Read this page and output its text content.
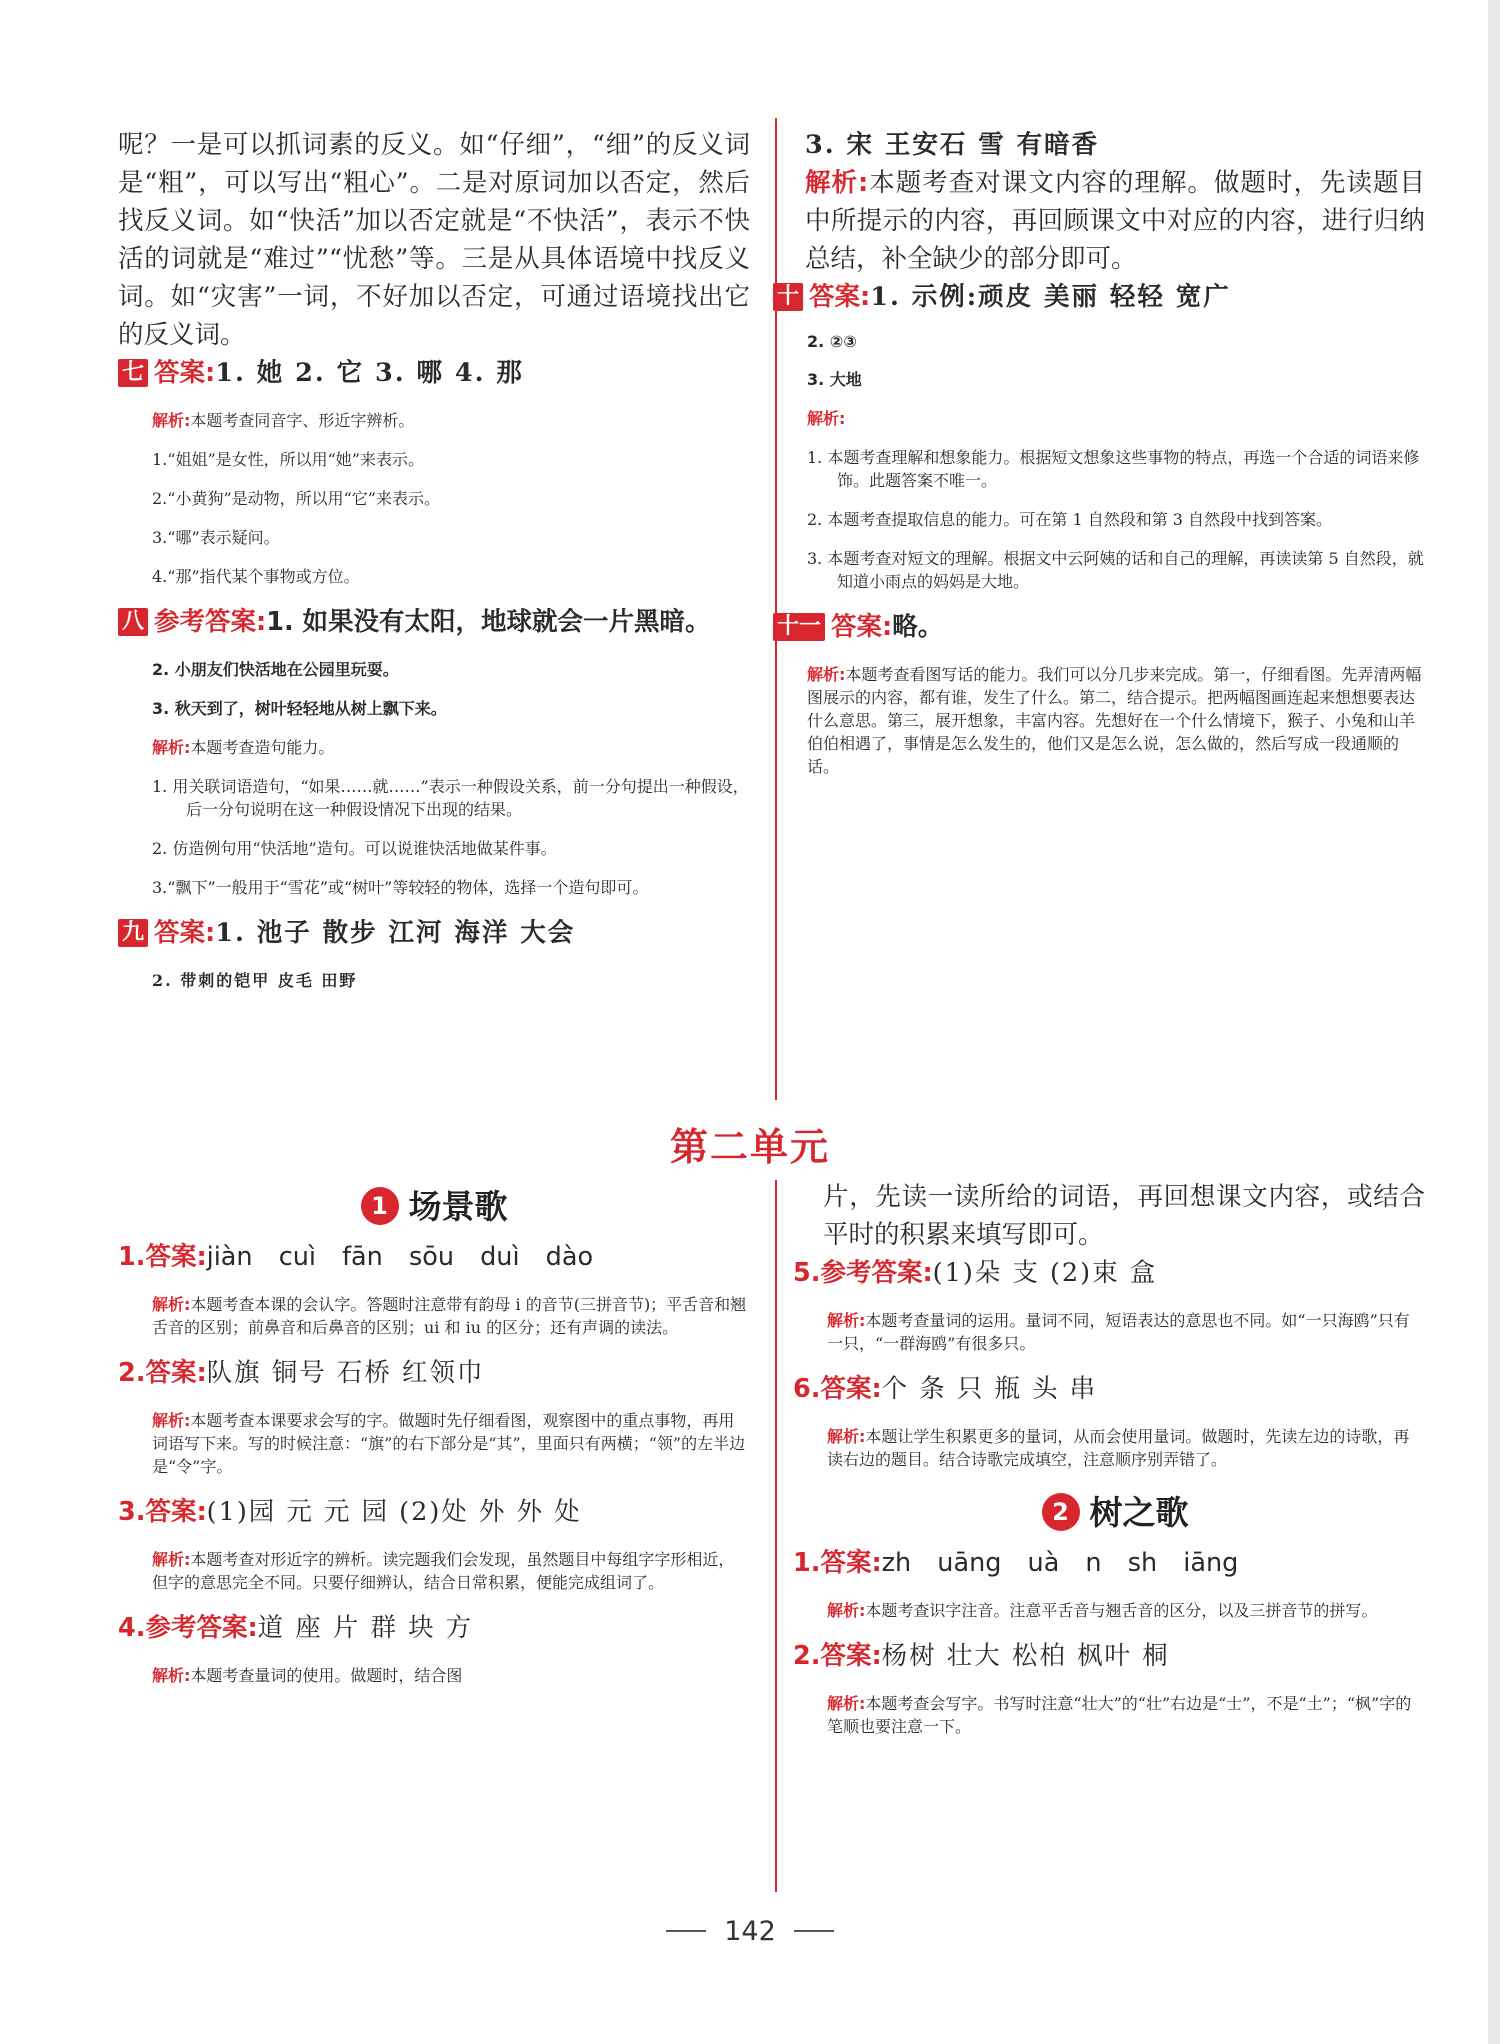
呢？一是可以抓词素的反义。如“仔细”，“细”的反义词是“粗”，可以写出“粗心”。二是对原词加以否定，然后找反义词。如“快活”加以否定就是“不快活”，表示不快活的词就是“难过”“忧愁”等。三是从具体语境中找反义词。如“灾害”一词，不好加以否定，可通过语境找出它的反义词。

七 答案:1. 她 2. 它 3. 哪 4. 那

解析:本题考查同音字、形近字辨析。

1.“姐姐”是女性，所以用“她”来表示。

2.“小黄狗”是动物，所以用“它”来表示。

3.“哪”表示疑问。

4.“那”指代某个事物或方位。

八 参考答案:1. 如果没有太阳，地球就会一片黑暗。

2. 小朋友们快活地在公园里玩耍。

3. 秋天到了，树叶轻轻地从树上飘下来。

解析:本题考查造句能力。

1. 用关联词语造句，“如果……就……”表示一种假设关系，前一分句提出一种假设，后一分句说明在这一种假设情况下出现的结果。

2. 仿造例句用“快活地”造句。可以说谁快活地做某件事。

3.“飘下”一般用于“雪花”或“树叶”等较轻的物体，选择一个造句即可。

九 答案:1. 池子 散步 江河 海洋 大会

2. 带刺的铠甲 皮毛 田野

3. 宋 王安石 雪 有暗香

解析:本题考查对课文内容的理解。做题时，先读题目中所提示的内容，再回顾课文中对应的内容，进行归纳总结，补全缺少的部分即可。

十 答案:1. 示例:顽皮 美丽 轻轻 宽广

2. ②③

3. 大地

解析:

1. 本题考查理解和想象能力。根据短文想象这些事物的特点，再选一个合适的词语来修饰。此题答案不唯一。

2. 本题考查提取信息的能力。可在第 1 自然段和第 3 自然段中找到答案。

3. 本题考查对短文的理解。根据文中云阿姨的话和自己的理解，再读读第 5 自然段，就知道小雨点的妈妈是大地。

十一 答案:略。

解析:本题考查看图写话的能力。我们可以分几步来完成。第一，仔细看图。先弄清两幅图展示的内容，都有谁，发生了什么。第二，结合提示。把两幅图画连起来想想要表达什么意思。第三，展开想象，丰富内容。先想好在一个什么情境下，猴子、小兔和山羊伯伯相遇了，事情是怎么发生的，他们又是怎么说，怎么做的，然后写成一段通顺的话。

第二单元
1 场景歌

1.答案:jiàn cuì fān sōu duì dào

解析:本题考查本课的会认字。答题时注意带有韵母 i 的音节(三拼音节)；平舌音和翘舌音的区别；前鼻音和后鼻音的区别；ui 和 iu 的区分；还有声调的读法。

2.答案:队旗 铜号 石桥 红领巾

解析:本题考查本课要求会写的字。做题时先仔细看图，观察图中的重点事物，再用词语写下来。写的时候注意：“旗”的右下部分是“其”，里面只有两横；“领”的左半边是“令”字。

3.答案:(1)园 元 元 园 (2)处 外 外 处

解析:本题考查对形近字的辨析。读完题我们会发现，虽然题目中每组字字形相近，但字的意思完全不同。只要仔细辨认，结合日常积累，便能完成组词了。

4.参考答案:道 座 片 群 块 方

解析:本题考查量词的使用。做题时，结合图

片，先读一读所给的词语，再回想课文内容，或结合平时的积累来填写即可。

5.参考答案:(1)朵 支 (2)束 盒

解析:本题考查量词的运用。量词不同，短语表达的意思也不同。如“一只海鸥”只有一只，“一群海鸥”有很多只。

6.答案:个 条 只 瓶 头 串

解析:本题让学生积累更多的量词，从而会使用量词。做题时，先读左边的诗歌，再读右边的题目。结合诗歌完成填空，注意顺序别弄错了。

2 树之歌

1.答案:zh uāng uà n sh iāng

解析:本题考查识字注音。注意平舌音与翘舌音的区分，以及三拼音节的拼写。

2.答案:杨树 壮大 松柏 枫叶 桐

解析:本题考查会写字。书写时注意“壮大”的“壮”右边是“士”，不是“土”；“枫”字的笔顺也要注意一下。

142
